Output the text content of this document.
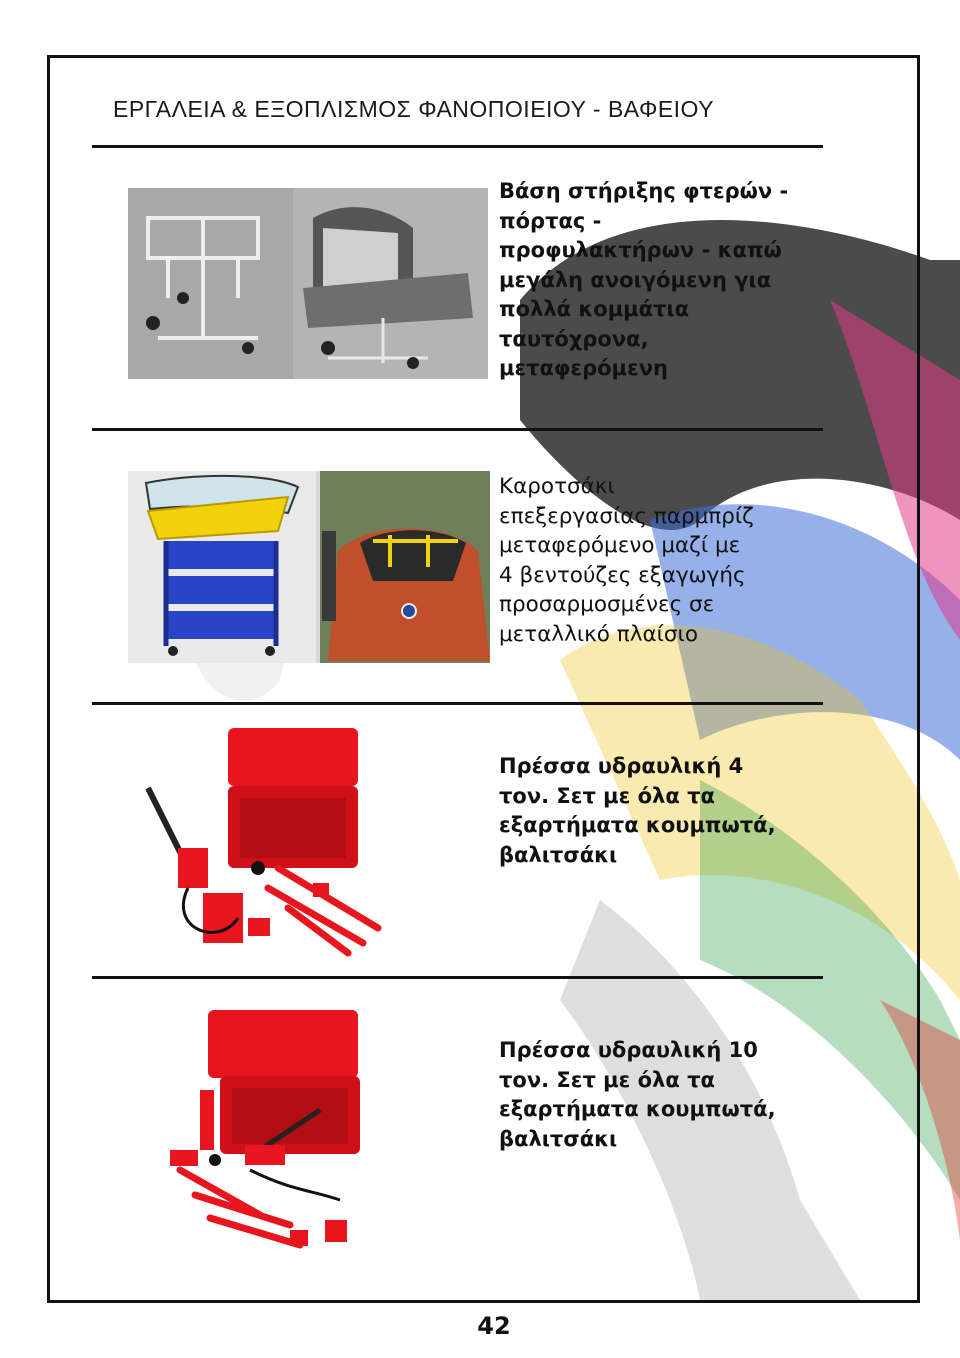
ΕΡΓΑΛΕΙΑ & ΕΞΟΠΛΙΣΜΟΣ ΦΑΝΟΠΟΙΕΙΟΥ - ΒΑΦΕΙΟΥ
Βάση στήριξης φτερών -
πόρτας -
προφυλακτήρων - καπώ
μεγάλη ανοιγόμενη για
πολλά κομμάτια
ταυτόχρονα,
μεταφερόμενη
Καροτσάκι
επεξεργασίας παρμπρίζ
μεταφερόμενο μαζί με
4 βεντούζες εξαγωγής
προσαρμοσμένες σε
μεταλλικό πλαίσιο
Πρέσσα υδραυλική 4
τον. Σετ με όλα τα
εξαρτήματα κουμπωτά,
βαλιτσάκι
Πρέσσα υδραυλική 10
τον. Σετ με όλα τα
εξαρτήματα κουμπωτά,
βαλιτσάκι
42
